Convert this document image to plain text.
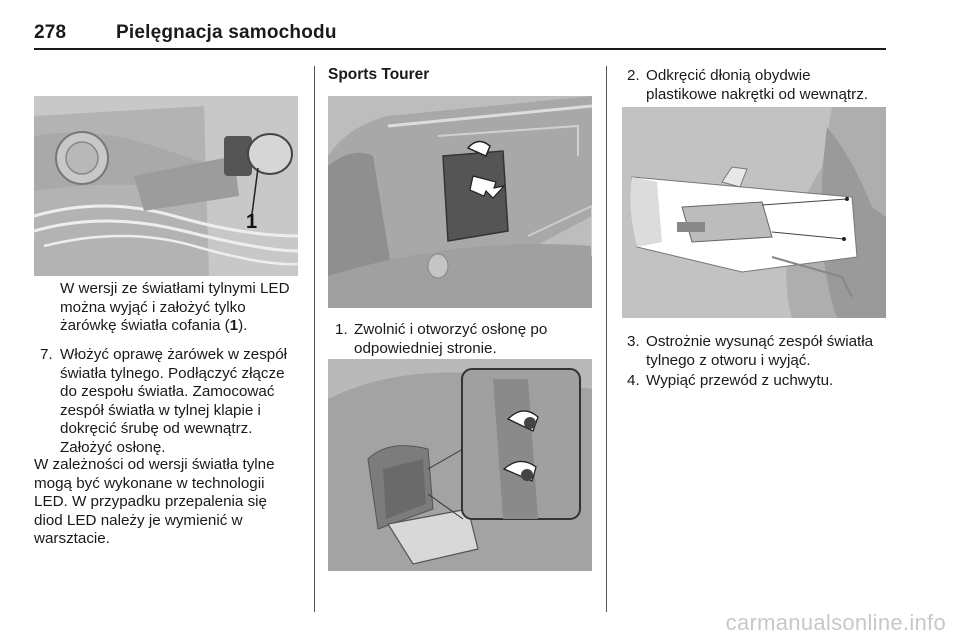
278	Pielęgnacja samochodu
1
W wersji ze światłami tylnymi LED
można wyjąć i założyć tylko
żarówkę światła cofania (1).
7. Włożyć oprawę żarówek w zespół
światła tylnego. Podłączyć złącze
do zespołu światła. Zamocować
zespół światła w tylnej klapie i
dokręcić śrubę od wewnątrz.
Założyć osłonę.
W zależności od wersji światła tylne
mogą być wykonane w technologii
LED. W przypadku przepalenia się
diod LED należy je wymienić w
warsztacie.
Sports Tourer
1. Zwolnić i otworzyć osłonę po
odpowiedniej stronie.
2. Odkręcić dłonią obydwie
plastikowe nakrętki od wewnątrz.
3. Ostrożnie wysunąć zespół światła
tylnego z otworu i wyjąć.
4. Wypiąć przewód z uchwytu.
carmanualsonline.info
